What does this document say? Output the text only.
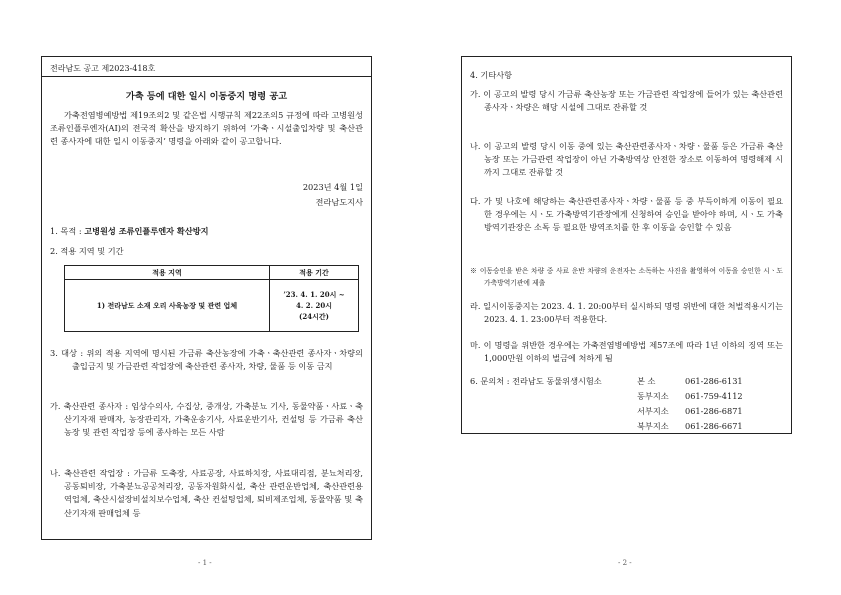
전라남도 공고 제2023-418호
가축 등에 대한 일시 이동중지 명령 공고
가축전염병예방법 제19조의2 및 같은법 시행규칙 제22조의5 규정에 따라 고병원성 조류인플루엔자(AI)의 전국적 확산을 방지하기 위하여 ‘가축ㆍ시설출입차량 및 축산관련 종사자에 대한 일시 이동중지’ 명령을 아래와 같이 공고합니다.
2023년 4월 1일
전라남도지사
1. 목적 : 고병원성 조류인플루엔자 확산방지
2. 적용 지역 및 기간
적용 지역	적용 기간
1) 전라남도 소재 오리 사육농장 및 관련 업체	’23. 4. 1. 20시 ~
4. 2. 20시
(24시간)
3. 대상 : 위의 적용 지역에 명시된 가금류 축산농장에 가축ㆍ축산관련 종사자ㆍ차량의 출입금지 및 가금관련 작업장에 축산관련 종사자, 차량, 물품 등 이동 금지
가. 축산관련 종사자 : 임상수의사, 수집상, 중개상, 가축분뇨 기사, 동물약품ㆍ사료ㆍ축산기자재 판매자, 농장관리자, 가축운송기사, 사료운반기사, 컨설팅 등 가금류 축산농장 및 관련 작업장 등에 종사하는 모든 사람
나. 축산관련 작업장 : 가금류 도축장, 사료공장, 사료하치장, 사료대리점, 분뇨처리장, 공동퇴비장, 가축분뇨공공처리장, 공동자원화시설, 축산 관련운반업체, 축산관련용역업체, 축산시설장비설치보수업체, 축산 컨설팅업체, 퇴비제조업체, 동물약품 및 축산기자재 판매업체 등
4. 기타사항
가. 이 공고의 발령 당시 가금류 축산농장 또는 가금관련 작업장에 들어가 있는 축산관련 종사자ㆍ차량은 해당 시설에 그대로 잔류할 것
나. 이 공고의 발령 당시 이동 중에 있는 축산관련종사자ㆍ차량ㆍ물품 등은 가금류 축산농장 또는 가금관련 작업장이 아닌 가축방역상 안전한 장소로 이동하여 명령해제 시까지 그대로 잔류할 것
다. 가 및 나호에 해당하는 축산관련종사자ㆍ차량ㆍ물품 등 중 부득이하게 이동이 필요한 경우에는 시ㆍ도 가축방역기관장에게 신청하여 승인을 받아야 하며, 시ㆍ도 가축방역기관장은 소독 등 필요한 방역조치를 한 후 이동을 승인할 수 있음
※ 이동승인을 받은 차량 중 사료 운반 차량의 운전자는 소독하는 사진을 촬영하여 이동을 승인한 시ㆍ도 가축방역기관에 제출
라. 일시이동중지는 2023. 4. 1. 20:00부터 실시하되 명령 위반에 대한 처벌적용시기는 2023. 4. 1. 23:00부터 적용한다.
마. 이 명령을 위반한 경우에는 가축전염병예방법 제57조에 따라 1년 이하의 징역 또는 1,000만원 이하의 벌금에 처하게 됨
6. 문의처 : 전라남도 동물위생시험소	본 소	061-286-6131
동부지소 061-759-4112
서부지소 061-286-6871
북부지소 061-286-6671
- 1 -	- 2 -
